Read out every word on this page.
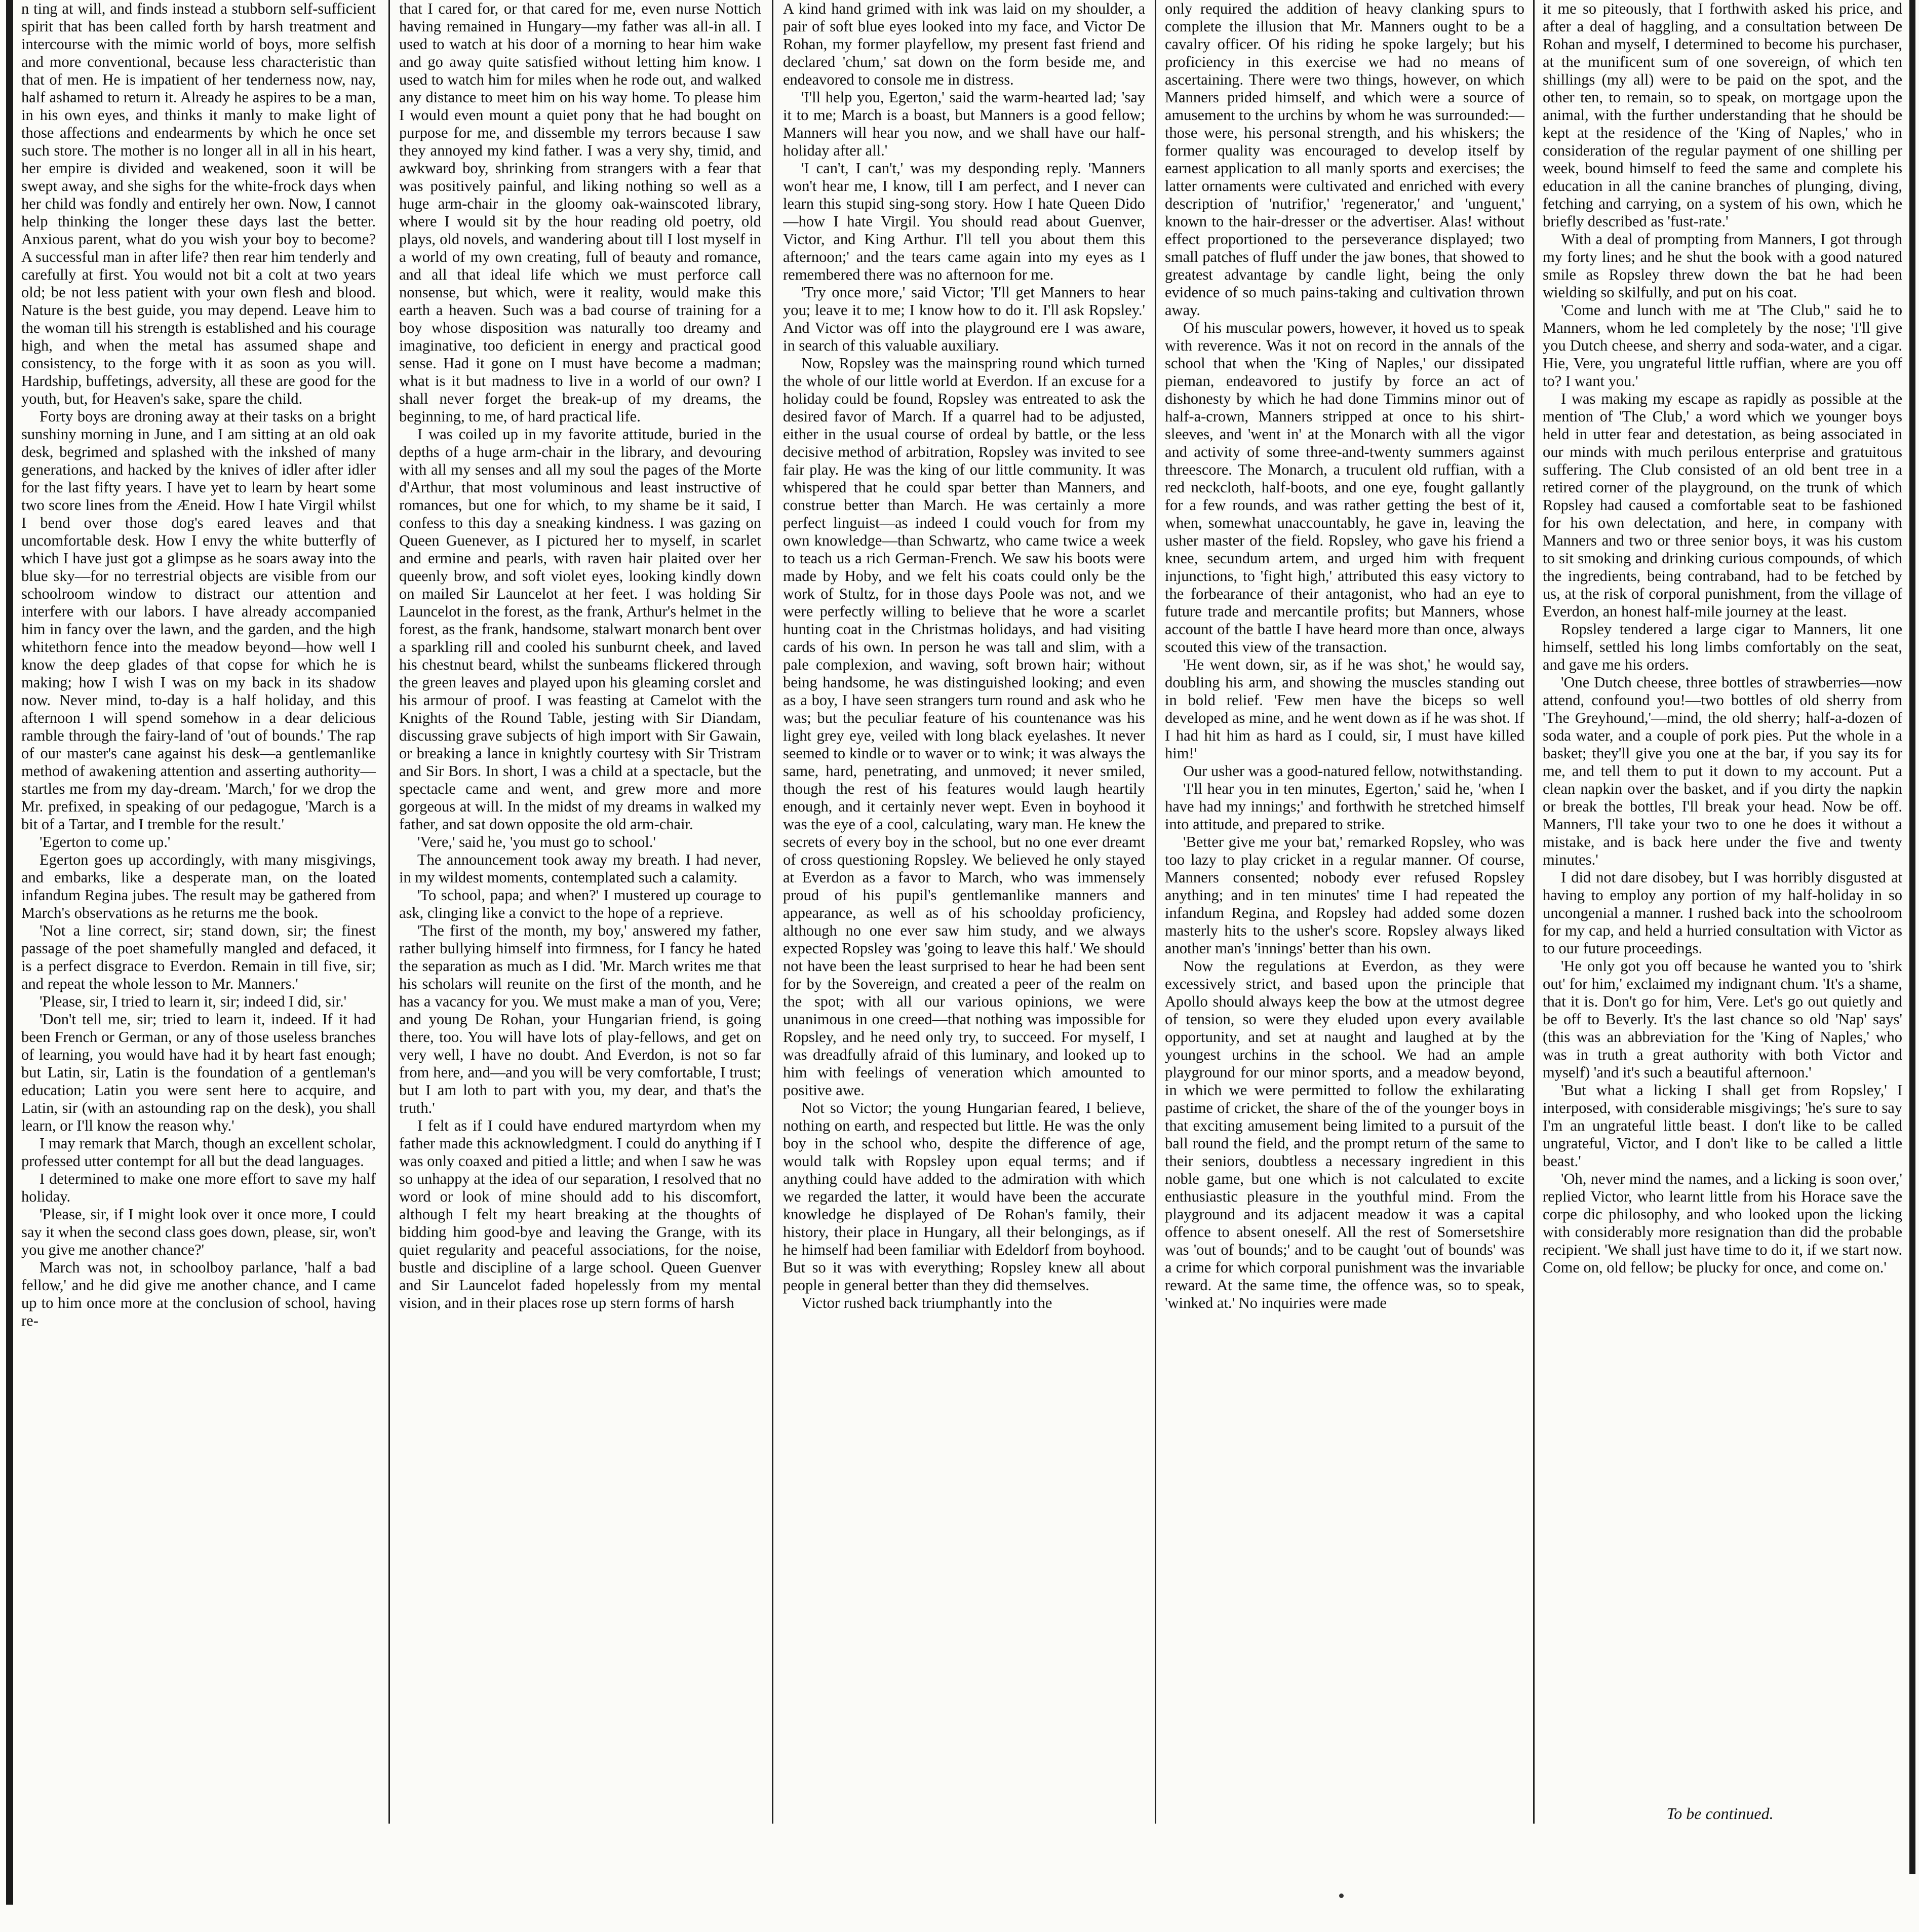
n ting at will, and finds instead a stubborn self-sufficient spirit that has been called forth by harsh treatment and intercourse with the mimic world of boys, more selfish and more conventional, because less characteristic than that of men. He is impatient of her tenderness now, nay, half ashamed to return it. Already he aspires to be a man, in his own eyes, and thinks it manly to make light of those affections and endearments by which he once set such store. The mother is no longer all in all in his heart, her empire is divided and weakened, soon it will be swept away, and she sighs for the white-frock days when her child was fondly and entirely her own. Now, I cannot help thinking the longer these days last the better. Anxious parent, what do you wish your boy to become? A successful man in after life? then rear him tenderly and carefully at first. You would not bit a colt at two years old; be not less patient with your own flesh and blood. Nature is the best guide, you may depend. Leave him to the woman till his strength is established and his courage high, and when the metal has assumed shape and consistency, to the forge with it as soon as you will. Hardship, buffetings, adversity, all these are good for the youth, but, for Heaven's sake, spare the child.

Forty boys are droning away at their tasks on a bright sunshiny morning in June, and I am sitting at an old oak desk, begrimed and splashed with the inkshed of many generations, and hacked by the knives of idler after idler for the last fifty years. I have yet to learn by heart some two score lines from the Æneid. How I hate Virgil whilst I bend over those dog's eared leaves and that uncomfortable desk. How I envy the white butterfly of which I have just got a glimpse as he soars away into the blue sky—for no terrestrial objects are visible from our schoolroom window to distract our attention and interfere with our labors. I have already accompanied him in fancy over the lawn, and the garden, and the high whitethorn fence into the meadow beyond—how well I know the deep glades of that copse for which he is making; how I wish I was on my back in its shadow now. Never mind, to-day is a half holiday, and this afternoon I will spend somehow in a dear delicious ramble through the fairy-land of 'out of bounds.' The rap of our master's cane against his desk—a gentlemanlike method of awakening attention and asserting authority—startles me from my day-dream. 'March,' for we drop the Mr. prefixed, in speaking of our pedagogue, 'March is a bit of a Tartar, and I tremble for the result.'

'Egerton to come up.'

Egerton goes up accordingly, with many misgivings, and embarks, like a desperate man, on the loated infandum Regina jubes. The result may be gathered from March's observations as he returns me the book.

'Not a line correct, sir; stand down, sir; the finest passage of the poet shamefully mangled and defaced, it is a perfect disgrace to Everdon. Remain in till five, sir; and repeat the whole lesson to Mr. Manners.'

'Please, sir, I tried to learn it, sir; indeed I did, sir.'

'Don't tell me, sir; tried to learn it, indeed. If it had been French or German, or any of those useless branches of learning, you would have had it by heart fast enough; but Latin, sir, Latin is the foundation of a gentleman's education; Latin you were sent here to acquire, and Latin, sir (with an astounding rap on the desk), you shall learn, or I'll know the reason why.'

I may remark that March, though an excellent scholar, professed utter contempt for all but the dead languages.

I determined to make one more effort to save my half holiday.

'Please, sir, if I might look over it once more, I could say it when the second class goes down, please, sir, won't you give me another chance?'

March was not, in schoolboy parlance, 'half a bad fellow,' and he did give me another chance, and I came up to him once more at the conclusion of school, having re-

that I cared for, or that cared for me, even nurse Nottich having remained in Hungary—my father was all-in all. I used to watch at his door of a morning to hear him wake and go away quite satisfied without letting him know. I used to watch him for miles when he rode out, and walked any distance to meet him on his way home. To please him I would even mount a quiet pony that he had bought on purpose for me, and dissemble my terrors because I saw they annoyed my kind father. I was a very shy, timid, and awkward boy, shrinking from strangers with a fear that was positively painful, and liking nothing so well as a huge arm-chair in the gloomy oak-wainscoted library, where I would sit by the hour reading old poetry, old plays, old novels, and wandering about till I lost myself in a world of my own creating, full of beauty and romance, and all that ideal life which we must perforce call nonsense, but which, were it reality, would make this earth a heaven. Such was a bad course of training for a boy whose disposition was naturally too dreamy and imaginative, too deficient in energy and practical good sense. Had it gone on I must have become a madman; what is it but madness to live in a world of our own? I shall never forget the break-up of my dreams, the beginning, to me, of hard practical life.

I was coiled up in my favorite attitude, buried in the depths of a huge arm-chair in the library, and devouring with all my senses and all my soul the pages of the Morte d'Arthur, that most voluminous and least instructive of romances, but one for which, to my shame be it said, I confess to this day a sneaking kindness. I was gazing on Queen Guenever, as I pictured her to myself, in scarlet and ermine and pearls, with raven hair plaited over her queenly brow, and soft violet eyes, looking kindly down on mailed Sir Launcelot at her feet. I was holding Sir Launcelot in the forest, as the frank, Arthur's helmet in the forest, as the frank, handsome, stalwart monarch bent over a sparkling rill and cooled his sunburnt cheek, and laved his chestnut beard, whilst the sunbeams flickered through the green leaves and played upon his gleaming corslet and his armour of proof. I was feasting at Camelot with the Knights of the Round Table, jesting with Sir Diandam, discussing grave subjects of high import with Sir Gawain, or breaking a lance in knightly courtesy with Sir Tristram and Sir Bors. In short, I was a child at a spectacle, but the spectacle came and went, and grew more and more gorgeous at will. In the midst of my dreams in walked my father, and sat down opposite the old arm-chair.

'Vere,' said he, 'you must go to school.'

The announcement took away my breath. I had never, in my wildest moments, contemplated such a calamity.

'To school, papa; and when?' I mustered up courage to ask, clinging like a convict to the hope of a reprieve.

'The first of the month, my boy,' answered my father, rather bullying himself into firmness, for I fancy he hated the separation as much as I did. 'Mr. March writes me that his scholars will reunite on the first of the month, and he has a vacancy for you. We must make a man of you, Vere; and young De Rohan, your Hungarian friend, is going there, too. You will have lots of play-fellows, and get on very well, I have no doubt. And Everdon, is not so far from here, and—and you will be very comfortable, I trust; but I am loth to part with you, my dear, and that's the truth.'

I felt as if I could have endured martyrdom when my father made this acknowledgment. I could do anything if I was only coaxed and pitied a little; and when I saw he was so unhappy at the idea of our separation, I resolved that no word or look of mine should add to his discomfort, although I felt my heart breaking at the thoughts of bidding him good-bye and leaving the Grange, with its quiet regularity and peaceful associations, for the noise, bustle and discipline of a large school. Queen Guenver and Sir Launcelot faded hopelessly from my mental vision, and in their places rose up stern forms of harsh

A kind hand grimed with ink was laid on my shoulder, a pair of soft blue eyes looked into my face, and Victor De Rohan, my former playfellow, my present fast friend and declared 'chum,' sat down on the form beside me, and endeavored to console me in distress.

'I'll help you, Egerton,' said the warm-hearted lad; 'say it to me; March is a boast, but Manners is a good fellow; Manners will hear you now, and we shall have our half-holiday after all.'

'I can't, I can't,' was my desponding reply. 'Manners won't hear me, I know, till I am perfect, and I never can learn this stupid sing-song story. How I hate Queen Dido—how I hate Virgil. You should read about Guenver, Victor, and King Arthur. I'll tell you about them this afternoon;' and the tears came again into my eyes as I remembered there was no afternoon for me.

'Try once more,' said Victor; 'I'll get Manners to hear you; leave it to me; I know how to do it. I'll ask Ropsley.' And Victor was off into the playground ere I was aware, in search of this valuable auxiliary.

Now, Ropsley was the mainspring round which turned the whole of our little world at Everdon. If an excuse for a holiday could be found, Ropsley was entreated to ask the desired favor of March. If a quarrel had to be adjusted, either in the usual course of ordeal by battle, or the less decisive method of arbitration, Ropsley was invited to see fair play. He was the king of our little community. It was whispered that he could spar better than Manners, and construe better than March. He was certainly a more perfect linguist—as indeed I could vouch for from my own knowledge—than Schwartz, who came twice a week to teach us a rich German-French. We saw his boots were made by Hoby, and we felt his coats could only be the work of Stultz, for in those days Poole was not, and we were perfectly willing to believe that he wore a scarlet hunting coat in the Christmas holidays, and had visiting cards of his own. In person he was tall and slim, with a pale complexion, and waving, soft brown hair; without being handsome, he was distinguished looking; and even as a boy, I have seen strangers turn round and ask who he was; but the peculiar feature of his countenance was his light grey eye, veiled with long black eyelashes. It never seemed to kindle or to waver or to wink; it was always the same, hard, penetrating, and unmoved; it never smiled, though the rest of his features would laugh heartily enough, and it certainly never wept. Even in boyhood it was the eye of a cool, calculating, wary man. He knew the secrets of every boy in the school, but no one ever dreamt of cross questioning Ropsley. We believed he only stayed at Everdon as a favor to March, who was immensely proud of his pupil's gentlemanlike manners and appearance, as well as of his schoolday proficiency, although no one ever saw him study, and we always expected Ropsley was 'going to leave this half.' We should not have been the least surprised to hear he had been sent for by the Sovereign, and created a peer of the realm on the spot; with all our various opinions, we were unanimous in one creed—that nothing was impossible for Ropsley, and he need only try, to succeed. For myself, I was dreadfully afraid of this luminary, and looked up to him with feelings of veneration which amounted to positive awe.

Not so Victor; the young Hungarian feared, I believe, nothing on earth, and respected but little. He was the only boy in the school who, despite the difference of age, would talk with Ropsley upon equal terms; and if anything could have added to the admiration with which we regarded the latter, it would have been the accurate knowledge he displayed of De Rohan's family, their history, their place in Hungary, all their belongings, as if he himself had been familiar with Edeldorf from boyhood. But so it was with everything; Ropsley knew all about people in general better than they did themselves.

Victor rushed back triumphantly into the

only required the addition of heavy clanking spurs to complete the illusion that Mr. Manners ought to be a cavalry officer. Of his riding he spoke largely; but his proficiency in this exercise we had no means of ascertaining. There were two things, however, on which Manners prided himself, and which were a source of amusement to the urchins by whom he was surrounded:—those were, his personal strength, and his whiskers; the former quality was encouraged to develop itself by earnest application to all manly sports and exercises; the latter ornaments were cultivated and enriched with every description of 'nutrifior,' 'regenerator,' and 'unguent,' known to the hair-dresser or the advertiser. Alas! without effect proportioned to the perseverance displayed; two small patches of fluff under the jaw bones, that showed to greatest advantage by candle light, being the only evidence of so much pains-taking and cultivation thrown away.

Of his muscular powers, however, it hoved us to speak with reverence. Was it not on record in the annals of the school that when the 'King of Naples,' our dissipated pieman, endeavored to justify by force an act of dishonesty by which he had done Timmins minor out of half-a-crown, Manners stripped at once to his shirt-sleeves, and 'went in' at the Monarch with all the vigor and activity of some three-and-twenty summers against threescore. The Monarch, a truculent old ruffian, with a red neckcloth, half-boots, and one eye, fought gallantly for a few rounds, and was rather getting the best of it, when, somewhat unaccountably, he gave in, leaving the usher master of the field. Ropsley, who gave his friend a knee, secundum artem, and urged him with frequent injunctions, to 'fight high,' attributed this easy victory to the forbearance of their antagonist, who had an eye to future trade and mercantile profits; but Manners, whose account of the battle I have heard more than once, always scouted this view of the transaction.

'He went down, sir, as if he was shot,' he would say, doubling his arm, and showing the muscles standing out in bold relief. 'Few men have the biceps so well developed as mine, and he went down as if he was shot. If I had hit him as hard as I could, sir, I must have killed him!'

Our usher was a good-natured fellow, notwithstanding.

'I'll hear you in ten minutes, Egerton,' said he, 'when I have had my innings;' and forthwith he stretched himself into attitude, and prepared to strike.

'Better give me your bat,' remarked Ropsley, who was too lazy to play cricket in a regular manner. Of course, Manners consented; nobody ever refused Ropsley anything; and in ten minutes' time I had repeated the infandum Regina, and Ropsley had added some dozen masterly hits to the usher's score. Ropsley always liked another man's 'innings' better than his own.

Now the regulations at Everdon, as they were excessively strict, and based upon the principle that Apollo should always keep the bow at the utmost degree of tension, so were they eluded upon every available opportunity, and set at naught and laughed at by the youngest urchins in the school. We had an ample playground for our minor sports, and a meadow beyond, in which we were permitted to follow the exhilarating pastime of cricket, the share of the of the younger boys in that exciting amusement being limited to a pursuit of the ball round the field, and the prompt return of the same to their seniors, doubtless a necessary ingredient in this noble game, but one which is not calculated to excite enthusiastic pleasure in the youthful mind. From the playground and its adjacent meadow it was a capital offence to absent oneself. All the rest of Somersetshire was 'out of bounds;' and to be caught 'out of bounds' was a crime for which corporal punishment was the invariable reward. At the same time, the offence was, so to speak, 'winked at.' No inquiries were made

it me so piteously, that I forthwith asked his price, and after a deal of haggling, and a consultation between De Rohan and myself, I determined to become his purchaser, at the munificent sum of one sovereign, of which ten shillings (my all) were to be paid on the spot, and the other ten, to remain, so to speak, on mortgage upon the animal, with the further understanding that he should be kept at the residence of the 'King of Naples,' who in consideration of the regular payment of one shilling per week, bound himself to feed the same and complete his education in all the canine branches of plunging, diving, fetching and carrying, on a system of his own, which he briefly described as 'fust-rate.'

With a deal of prompting from Manners, I got through my forty lines; and he shut the book with a good natured smile as Ropsley threw down the bat he had been wielding so skilfully, and put on his coat.

'Come and lunch with me at 'The Club,'' said he to Manners, whom he led completely by the nose; 'I'll give you Dutch cheese, and sherry and soda-water, and a cigar. Hie, Vere, you ungrateful little ruffian, where are you off to? I want you.'

I was making my escape as rapidly as possible at the mention of 'The Club,' a word which we younger boys held in utter fear and detestation, as being associated in our minds with much perilous enterprise and gratuitous suffering. The Club consisted of an old bent tree in a retired corner of the playground, on the trunk of which Ropsley had caused a comfortable seat to be fashioned for his own delectation, and here, in company with Manners and two or three senior boys, it was his custom to sit smoking and drinking curious compounds, of which the ingredients, being contraband, had to be fetched by us, at the risk of corporal punishment, from the village of Everdon, an honest half-mile journey at the least.

Ropsley tendered a large cigar to Manners, lit one himself, settled his long limbs comfortably on the seat, and gave me his orders.

'One Dutch cheese, three bottles of strawberries—now attend, confound you!—two bottles of old sherry from 'The Greyhound,'—mind, the old sherry; half-a-dozen of soda water, and a couple of pork pies. Put the whole in a basket; they'll give you one at the bar, if you say its for me, and tell them to put it down to my account. Put a clean napkin over the basket, and if you dirty the napkin or break the bottles, I'll break your head. Now be off. Manners, I'll take your two to one he does it without a mistake, and is back here under the five and twenty minutes.'

I did not dare disobey, but I was horribly disgusted at having to employ any portion of my half-holiday in so uncongenial a manner. I rushed back into the schoolroom for my cap, and held a hurried consultation with Victor as to our future proceedings.

'He only got you off because he wanted you to 'shirk out' for him,' exclaimed my indignant chum. 'It's a shame, that it is. Don't go for him, Vere. Let's go out quietly and be off to Beverly. It's the last chance so old 'Nap' says' (this was an abbreviation for the 'King of Naples,' who was in truth a great authority with both Victor and myself) 'and it's such a beautiful afternoon.'

'But what a licking I shall get from Ropsley,' I interposed, with considerable misgivings; 'he's sure to say I'm an ungrateful little beast. I don't like to be called ungrateful, Victor, and I don't like to be called a little beast.'

'Oh, never mind the names, and a licking is soon over,' replied Victor, who learnt little from his Horace save the corpe dic philosophy, and who looked upon the licking with considerably more resignation than did the probable recipient. 'We shall just have time to do it, if we start now. Come on, old fellow; be plucky for once, and come on.'

To be continued.
